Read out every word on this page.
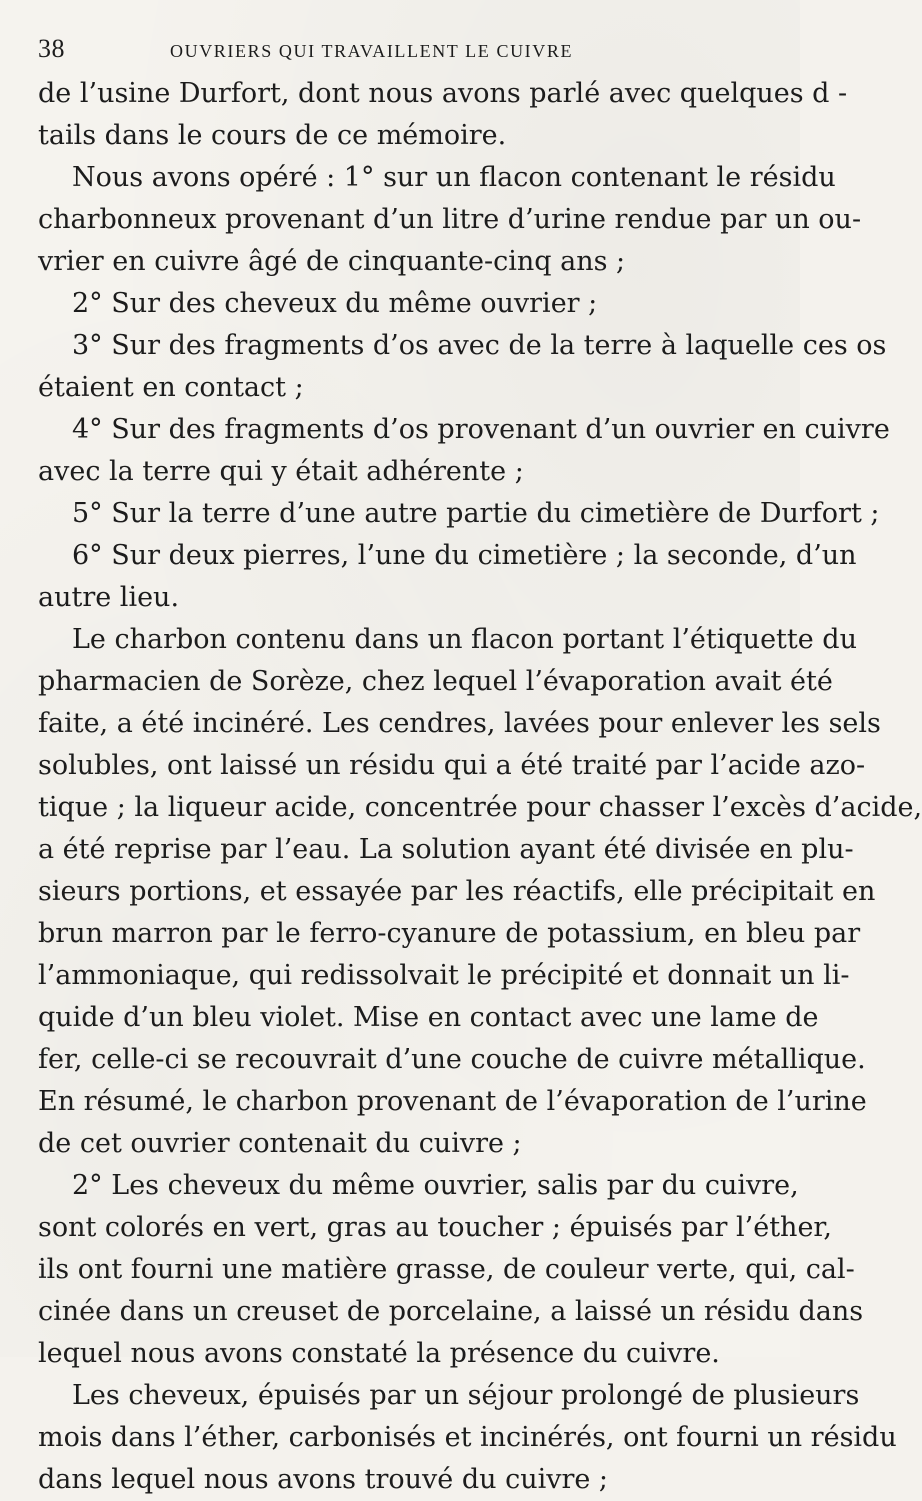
38	OUVRIERS QUI TRAVAILLENT LE CUIVRE
de l’usine Durfort, dont nous avons parlé avec quelques d -
tails dans le cours de ce mémoire.
Nous avons opéré : 1° sur un flacon contenant le résidu
charbonneux provenant d’un litre d’urine rendue par un ou-
vrier en cuivre âgé de cinquante-cinq ans ;
2° Sur des cheveux du même ouvrier ;
3° Sur des fragments d’os avec de la terre à laquelle ces os
étaient en contact ;
4° Sur des fragments d’os provenant d’un ouvrier en cuivre
avec la terre qui y était adhérente ;
5° Sur la terre d’une autre partie du cimetière de Durfort ;
6° Sur deux pierres, l’une du cimetière ; la seconde, d’un
autre lieu.
Le charbon contenu dans un flacon portant l’étiquette du
pharmacien de Sorèze, chez lequel l’évaporation avait été
faite, a été incinéré. Les cendres, lavées pour enlever les sels
solubles, ont laissé un résidu qui a été traité par l’acide azo-
tique ; la liqueur acide, concentrée pour chasser l’excès d’acide,
a été reprise par l’eau. La solution ayant été divisée en plu-
sieurs portions, et essayée par les réactifs, elle précipitait en
brun marron par le ferro-cyanure de potassium, en bleu par
l’ammoniaque, qui redissolvait le précipité et donnait un li-
quide d’un bleu violet. Mise en contact avec une lame de
fer, celle-ci se recouvrait d’une couche de cuivre métallique.
En résumé, le charbon provenant de l’évaporation de l’urine
de cet ouvrier contenait du cuivre ;
2° Les cheveux du même ouvrier, salis par du cuivre,
sont colorés en vert, gras au toucher ; épuisés par l’éther,
ils ont fourni une matière grasse, de couleur verte, qui, cal-
cinée dans un creuset de porcelaine, a laissé un résidu dans
lequel nous avons constaté la présence du cuivre.
Les cheveux, épuisés par un séjour prolongé de plusieurs
mois dans l’éther, carbonisés et incinérés, ont fourni un résidu
dans lequel nous avons trouvé du cuivre ;
